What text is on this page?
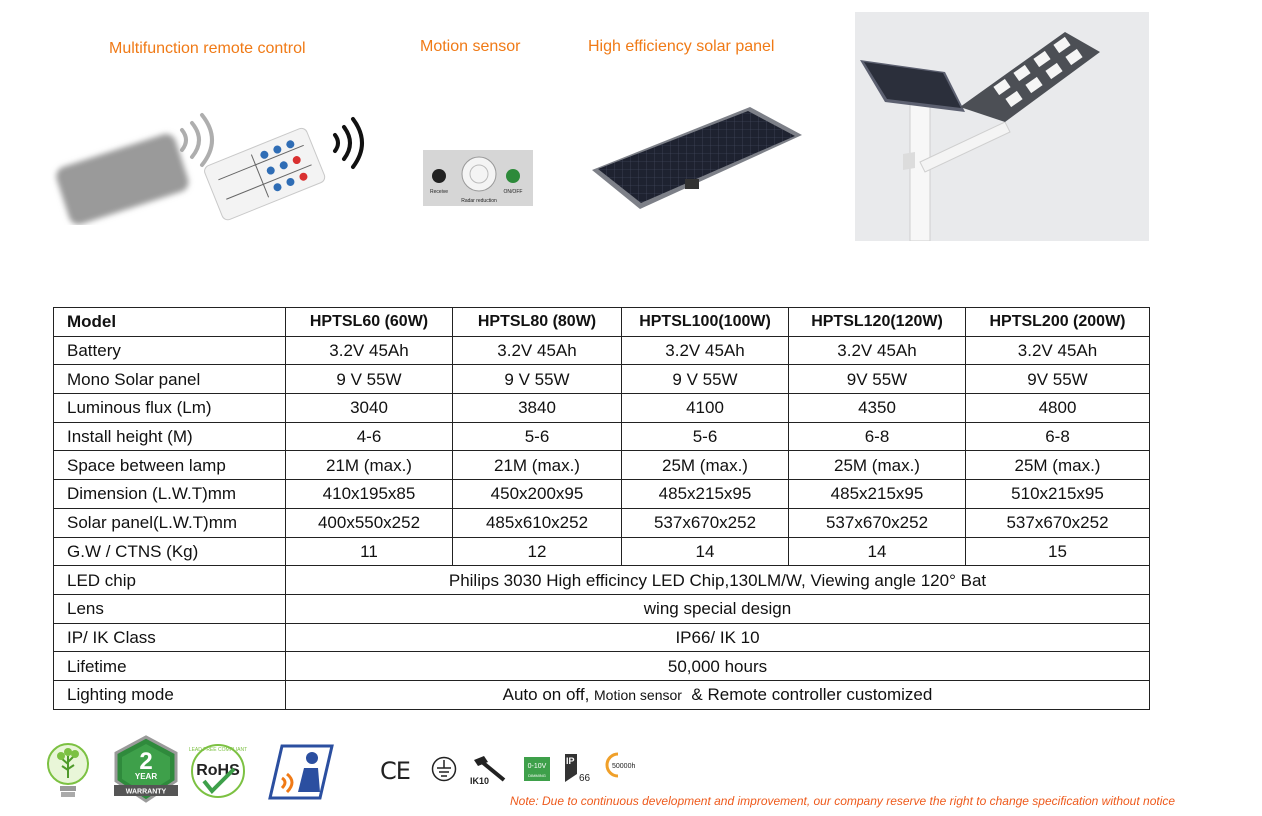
Multifunction remote control	Motion sensor	High efficiency solar panel
Receive	ON/OFF
Radar reduction
Model	HPTSL60 (60W)	HPTSL80 (80W)	HPTSL100(100W)	HPTSL120(120W)	HPTSL200 (200W)
Battery	3.2V 45Ah	3.2V 45Ah	3.2V 45Ah	3.2V 45Ah	3.2V 45Ah
Mono Solar panel	9 V 55W	9 V 55W	9 V 55W	9V 55W	9V 55W
Luminous flux (Lm)	3040	3840	4100	4350	4800
Install height (M)	4-6	5-6	5-6	6-8	6-8
Space between lamp	21M (max.)	21M (max.)	25M (max.)	25M (max.)	25M (max.)
Dimension (L.W.T)mm	410x195x85	450x200x95	485x215x95	485x215x95	510x215x95
Solar panel(L.W.T)mm	400x550x252	485x610x252	537x670x252	537x670x252	537x670x252
G.W / CTNS (Kg)	11	12	14	14	15
LED chip	Philips 3030 High efficincy LED Chip,130LM/W, Viewing angle 120° Bat				
Lens	wing special design				
IP/ IK Class	IP66/ IK 10				
Lifetime	50,000 hours				
Lighting mode	Auto on off, Motion sensor & Remote controller customized				
2
YEAR
WARRANTY
RoHS
LEAD FREE COMPLIANT
CE	IK10
0-10V
DIMMING
IP
66
50000h
Note: Due to continuous development and improvement, our company reserve the right to change specification without notice
